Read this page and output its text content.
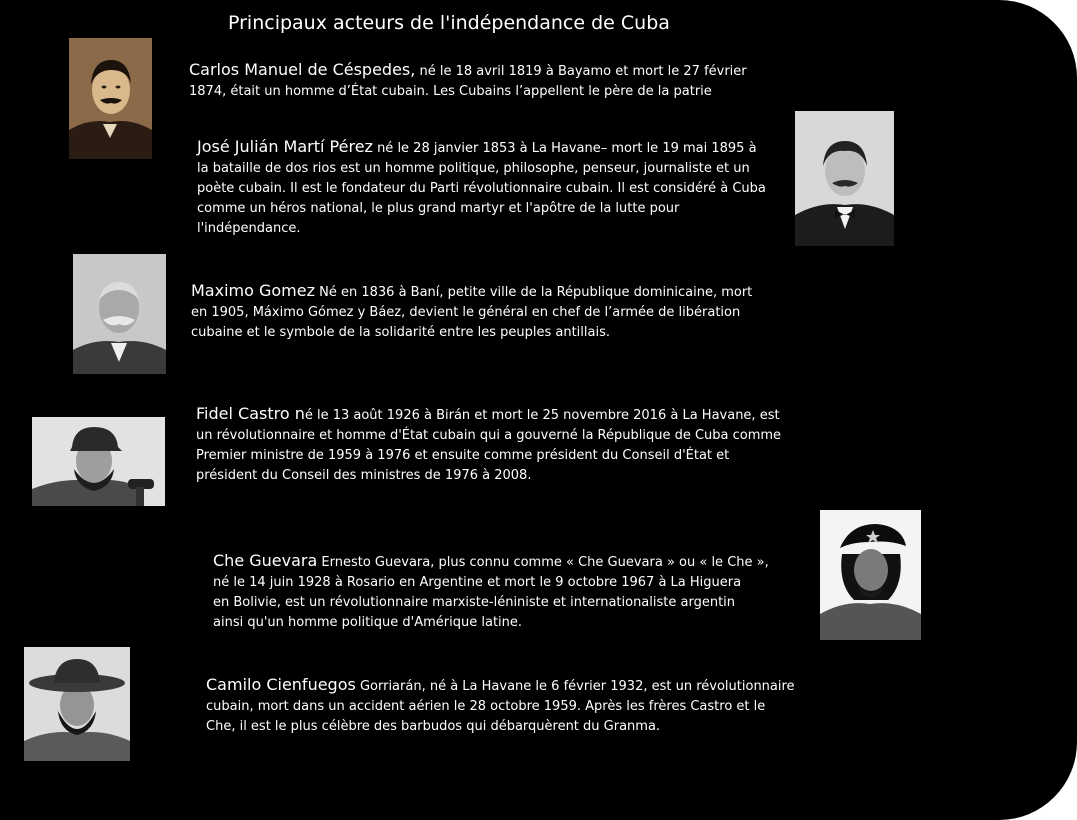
Principaux acteurs de l'indépendance de Cuba
Carlos Manuel de Céspedes, né le 18 avril 1819 à Bayamo et mort le 27 février
1874, était un homme d’État cubain. Les Cubains l’appellent le père de la patrie
José Julián Martí Pérez né le 28 janvier 1853 à La Havane– mort le 19 mai 1895 à
la bataille de dos rios est un homme politique, philosophe, penseur, journaliste et un
poète cubain. Il est le fondateur du Parti révolutionnaire cubain. Il est considéré à Cuba
comme un héros national, le plus grand martyr et l'apôtre de la lutte pour
l'indépendance.
Maximo Gomez Né en 1836 à Baní, petite ville de la République dominicaine, mort
en 1905, Máximo Gómez y Báez, devient le général en chef de l’armée de libération
cubaine et le symbole de la solidarité entre les peuples antillais.
Fidel Castro né le 13 août 1926 à Birán et mort le 25 novembre 2016 à La Havane, est
un révolutionnaire et homme d'État cubain qui a gouverné la République de Cuba comme
Premier ministre de 1959 à 1976 et ensuite comme président du Conseil d'État et
président du Conseil des ministres de 1976 à 2008.
Che Guevara Ernesto Guevara, plus connu comme « Che Guevara » ou « le Che »,
né le 14 juin 1928 à Rosario en Argentine et mort le 9 octobre 1967 à La Higuera
en Bolivie, est un révolutionnaire marxiste-léniniste et internationaliste argentin
ainsi qu'un homme politique d'Amérique latine.
Camilo Cienfuegos Gorriarán, né à La Havane le 6 février 1932, est un révolutionnaire
cubain, mort dans un accident aérien le 28 octobre 1959. Après les frères Castro et le
Che, il est le plus célèbre des barbudos qui débarquèrent du Granma.
